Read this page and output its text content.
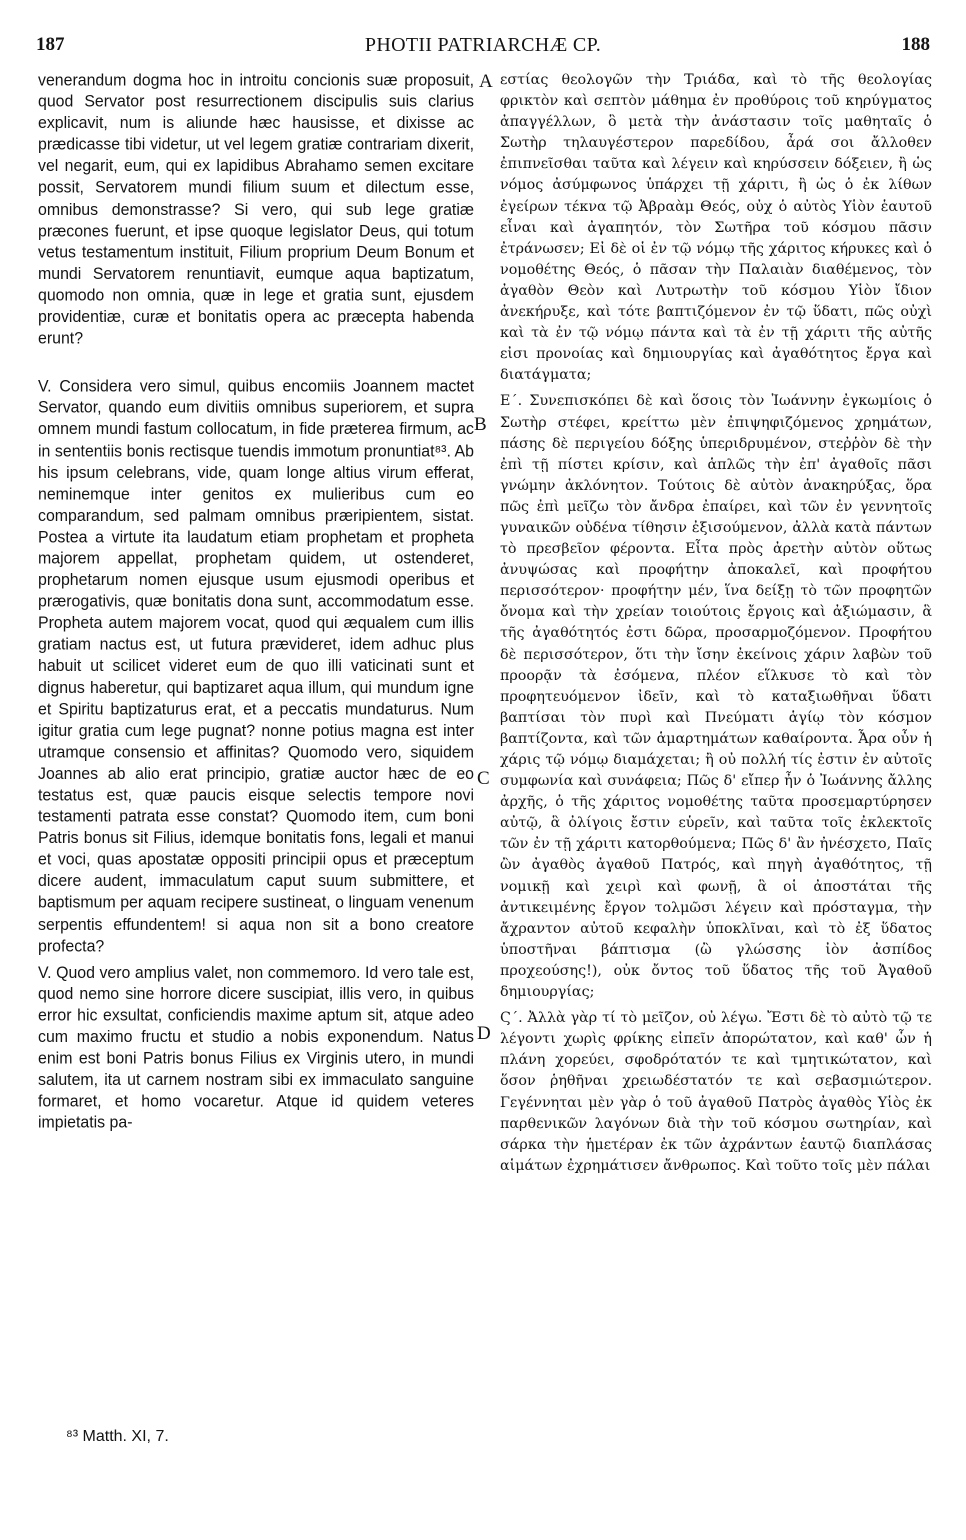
PHOTII PATRIARCHÆ CP.
187	188

venerandum dogma hoc in introitu concionis suæ proposuit, quod Servator post resurrectionem discipulis suis clarius explicavit, num is aliunde hæc hausisse, et dixisse ac prædicasse tibi videtur, ut vel legem gratiæ contrariam dixerit, vel negarit, eum, qui ex lapidibus Abrahamo semen excitare possit, Servatorem mundi filium suum et dilectum esse, omnibus demonstrasse? Si vero, qui sub lege gratiæ præcones fuerunt, et ipse quoque legislator Deus, qui totum vetus testamentum instituit, Filium proprium Deum Bonum et mundi Servatorem renuntiavit, eumque aqua baptizatum, quomodo non omnia, quæ in lege et gratia sunt, ejusdem providentiæ, curæ et bonitatis opera ac præcepta habenda erunt?

V. Considera vero simul, quibus encomiis Joannem mactet Servator, quando eum divitiis omnibus superiorem, et supra omnem mundi fastum collocatum, in fide præterea firmum, ac in sententiis bonis rectisque tuendis immotum pronuntiat⁸³. Ab his ipsum celebrans, vide, quam longe altius virum efferat, neminemque inter genitos ex mulieribus cum eo comparandum, sed palmam omnibus præripientem, sistat. Postea a virtute ita laudatum etiam prophetam et propheta majorem appellat, prophetam quidem, ut ostenderet, prophetarum nomen ejusque usum ejusmodi operibus et prærogativis, quæ bonitatis dona sunt, accommodatum esse. Propheta autem majorem vocat, quod qui æqualem cum illis gratiam nactus est, ut futura prævideret, idem adhuc plus habuit ut scilicet videret eum de quo illi vaticinati sunt et dignus haberetur, qui baptizaret aqua illum, qui mundum igne et Spiritu baptizaturus erat, et a peccatis mundaturus. Num igitur gratia cum lege pugnat? nonne potius magna est inter utramque consensio et affinitas? Quomodo vero, siquidem Joannes ab alio erat principio, gratiæ auctor hæc de eo testatus est, quæ paucis eisque selectis tempore novi testamenti patrata esse constat? Quomodo item, cum boni Patris bonus sit Filius, idemque bonitatis fons, legali et manui et voci, quas apostatæ oppositi principii opus et præceptum dicere audent, immaculatum caput suum submittere, et baptismum per aquam recipere sustineat, o linguam venenum serpentis effundentem! si aqua non sit a bono creatore profecta?

V. Quod vero amplius valet, non commemoro. Id vero tale est, quod nemo sine horrore dicere suscipiat, illis vero, in quibus error hic exsultat, conficiendis maxime aptum sit, atque adeo cum maximo fructu et studio a nobis exponendum. Natus enim est boni Patris bonus Filius ex Virginis utero, in mundi salutem, ita ut carnem nostram sibi ex immaculato sanguine formaret, et homo vocaretur. Atque id quidem veteres impietatis pa-

εστίας θεολογῶν τὴν Τριάδα, καὶ τὸ τῆς θεολογίας φρικτὸν καὶ σεπτὸν μάθημα ἐν προθύροις τοῦ κηρύγματος ἀπαγγέλλων, ὃ μετὰ τὴν ἀνάστασιν τοῖς μαθηταῖς ὁ Σωτὴρ τηλαυγέστερον παρεδίδου, ἆρά σοι ἄλλοθεν ἐπιπνεῖσθαι ταῦτα καὶ λέγειν καὶ κηρύσσειν δόξειεν, ἢ ὡς νόμος ἀσύμφωνος ὑπάρχει τῇ χάριτι, ἢ ὡς ὁ ἐκ λίθων ἐγείρων τέκνα τῷ Ἀβραὰμ Θεός, οὐχ ὁ αὐτὸς Υἱὸν ἑαυτοῦ εἶναι καὶ ἀγαπητόν, τὸν Σωτῆρα τοῦ κόσμου πᾶσιν ἐτράνωσεν; Εἰ δὲ οἱ ἐν τῷ νόμῳ τῆς χάριτος κήρυκες καὶ ὁ νομοθέτης Θεός, ὁ πᾶσαν τὴν Παλαιὰν διαθέμενος, τὸν ἀγαθὸν Θεὸν καὶ Λυτρωτὴν τοῦ κόσμου Υἱὸν ἴδιον ἀνεκήρυξε, καὶ τότε βαπτιζόμενον ἐν τῷ ὕδατι, πῶς οὐχὶ καὶ τὰ ἐν τῷ νόμῳ πάντα καὶ τὰ ἐν τῇ χάριτι τῆς αὐτῆς εἰσι προνοίας καὶ δημιουργίας καὶ ἀγαθότητος ἔργα καὶ διατάγματα;

Ε΄. Συνεπισκόπει δὲ καὶ ὅσοις τὸν Ἰωάννην ἐγκωμίοις ὁ Σωτὴρ στέφει, κρείττω μὲν ἐπιψηφιζόμενος χρημάτων, πάσης δὲ περιγείου δόξης ὑπεριδρυμένον, στεῤῥὸν δὲ τὴν ἐπὶ τῇ πίστει κρίσιν, καὶ ἁπλῶς τὴν ἐπ' ἀγαθοῖς πᾶσι γνώμην ἀκλόνητον. Τούτοις δὲ αὐτὸν ἀνακηρύξας, ὅρα πῶς ἐπὶ μεῖζω τὸν ἄνδρα ἐπαίρει, καὶ τῶν ἐν γεννητοῖς γυναικῶν οὐδένα τίθησιν ἐξισούμενον, ἀλλὰ κατὰ πάντων τὸ πρεσβεῖον φέροντα. Εἶτα πρὸς ἀρετὴν αὐτὸν οὕτως ἀνυψώσας καὶ προφήτην ἀποκαλεῖ, καὶ προφήτου περισσότερον· προφήτην μέν, ἵνα δείξῃ τὸ τῶν προφητῶν ὄνομα καὶ τὴν χρείαν τοιούτοις ἔργοις καὶ ἀξιώμασιν, ἃ τῆς ἀγαθότητός ἐστι δῶρα, προσαρμοζόμενον. Προφήτου δὲ περισσότερον, ὅτι τὴν ἴσην ἐκείνοις χάριν λαβὼν τοῦ προορᾷν τὰ ἐσόμενα, πλέον εἵλκυσε τὸ καὶ τὸν προφητευόμενον ἰδεῖν, καὶ τὸ καταξιωθῆναι ὕδατι βαπτίσαι τὸν πυρὶ καὶ Πνεύματι ἁγίῳ τὸν κόσμον βαπτίζοντα, καὶ τῶν ἁμαρτημάτων καθαίροντα. Ἆρα οὖν ἡ χάρις τῷ νόμῳ διαμάχεται; ἢ οὐ πολλή τίς ἐστιν ἐν αὐτοῖς συμφωνία καὶ συνάφεια; Πῶς δ' εἴπερ ἦν ὁ Ἰωάννης ἄλλης ἀρχῆς, ὁ τῆς χάριτος νομοθέτης ταῦτα προσεμαρτύρησεν αὐτῷ, ἃ ὀλίγοις ἔστιν εὑρεῖν, καὶ ταῦτα τοῖς ἐκλεκτοῖς τῶν ἐν τῇ χάριτι κατορθούμενα; Πῶς δ' ἂν ἠνέσχετο, Παῖς ὢν ἀγαθὸς ἀγαθοῦ Πατρός, καὶ πηγὴ ἀγαθότητος, τῇ νομικῇ καὶ χειρὶ καὶ φωνῇ, ἃ οἱ ἀποστάται τῆς ἀντικειμένης ἔργον τολμῶσι λέγειν καὶ πρόσταγμα, τὴν ἄχραντον αὐτοῦ κεφαλὴν ὑποκλῖναι, καὶ τὸ ἐξ ὕδατος ὑποστῆναι βάπτισμα (ὢ γλώσσης ἰὸν ἀσπίδος προχεούσης!), οὐκ ὄντος τοῦ ὕδατος τῆς τοῦ Ἀγαθοῦ δημιουργίας;

Ϛ΄. Ἀλλὰ γὰρ τί τὸ μεῖζον, οὐ λέγω. Ἔστι δὲ τὸ αὐτὸ τῷ τε λέγοντι χωρὶς φρίκης εἰπεῖν ἀπορώτατον, καὶ καθ' ὧν ἡ πλάνη χορεύει, σφοδρότατόν τε καὶ τμητικώτατον, καὶ ὅσον ῥηθῆναι χρειωδέστατόν τε καὶ σεβασμιώτερον. Γεγέννηται μὲν γὰρ ὁ τοῦ ἀγαθοῦ Πατρὸς ἀγαθὸς Υἱὸς ἐκ παρθενικῶν λαγόνων διὰ τὴν τοῦ κόσμου σωτηρίαν, καὶ σάρκα τὴν ἡμετέραν ἐκ τῶν ἀχράντων ἑαυτῷ διαπλάσας αἱμάτων ἐχρημάτισεν ἄνθρωπος. Καὶ τοῦτο τοῖς μὲν πάλαι

A
B
C
D
⁸³ Matth. XI, 7.
